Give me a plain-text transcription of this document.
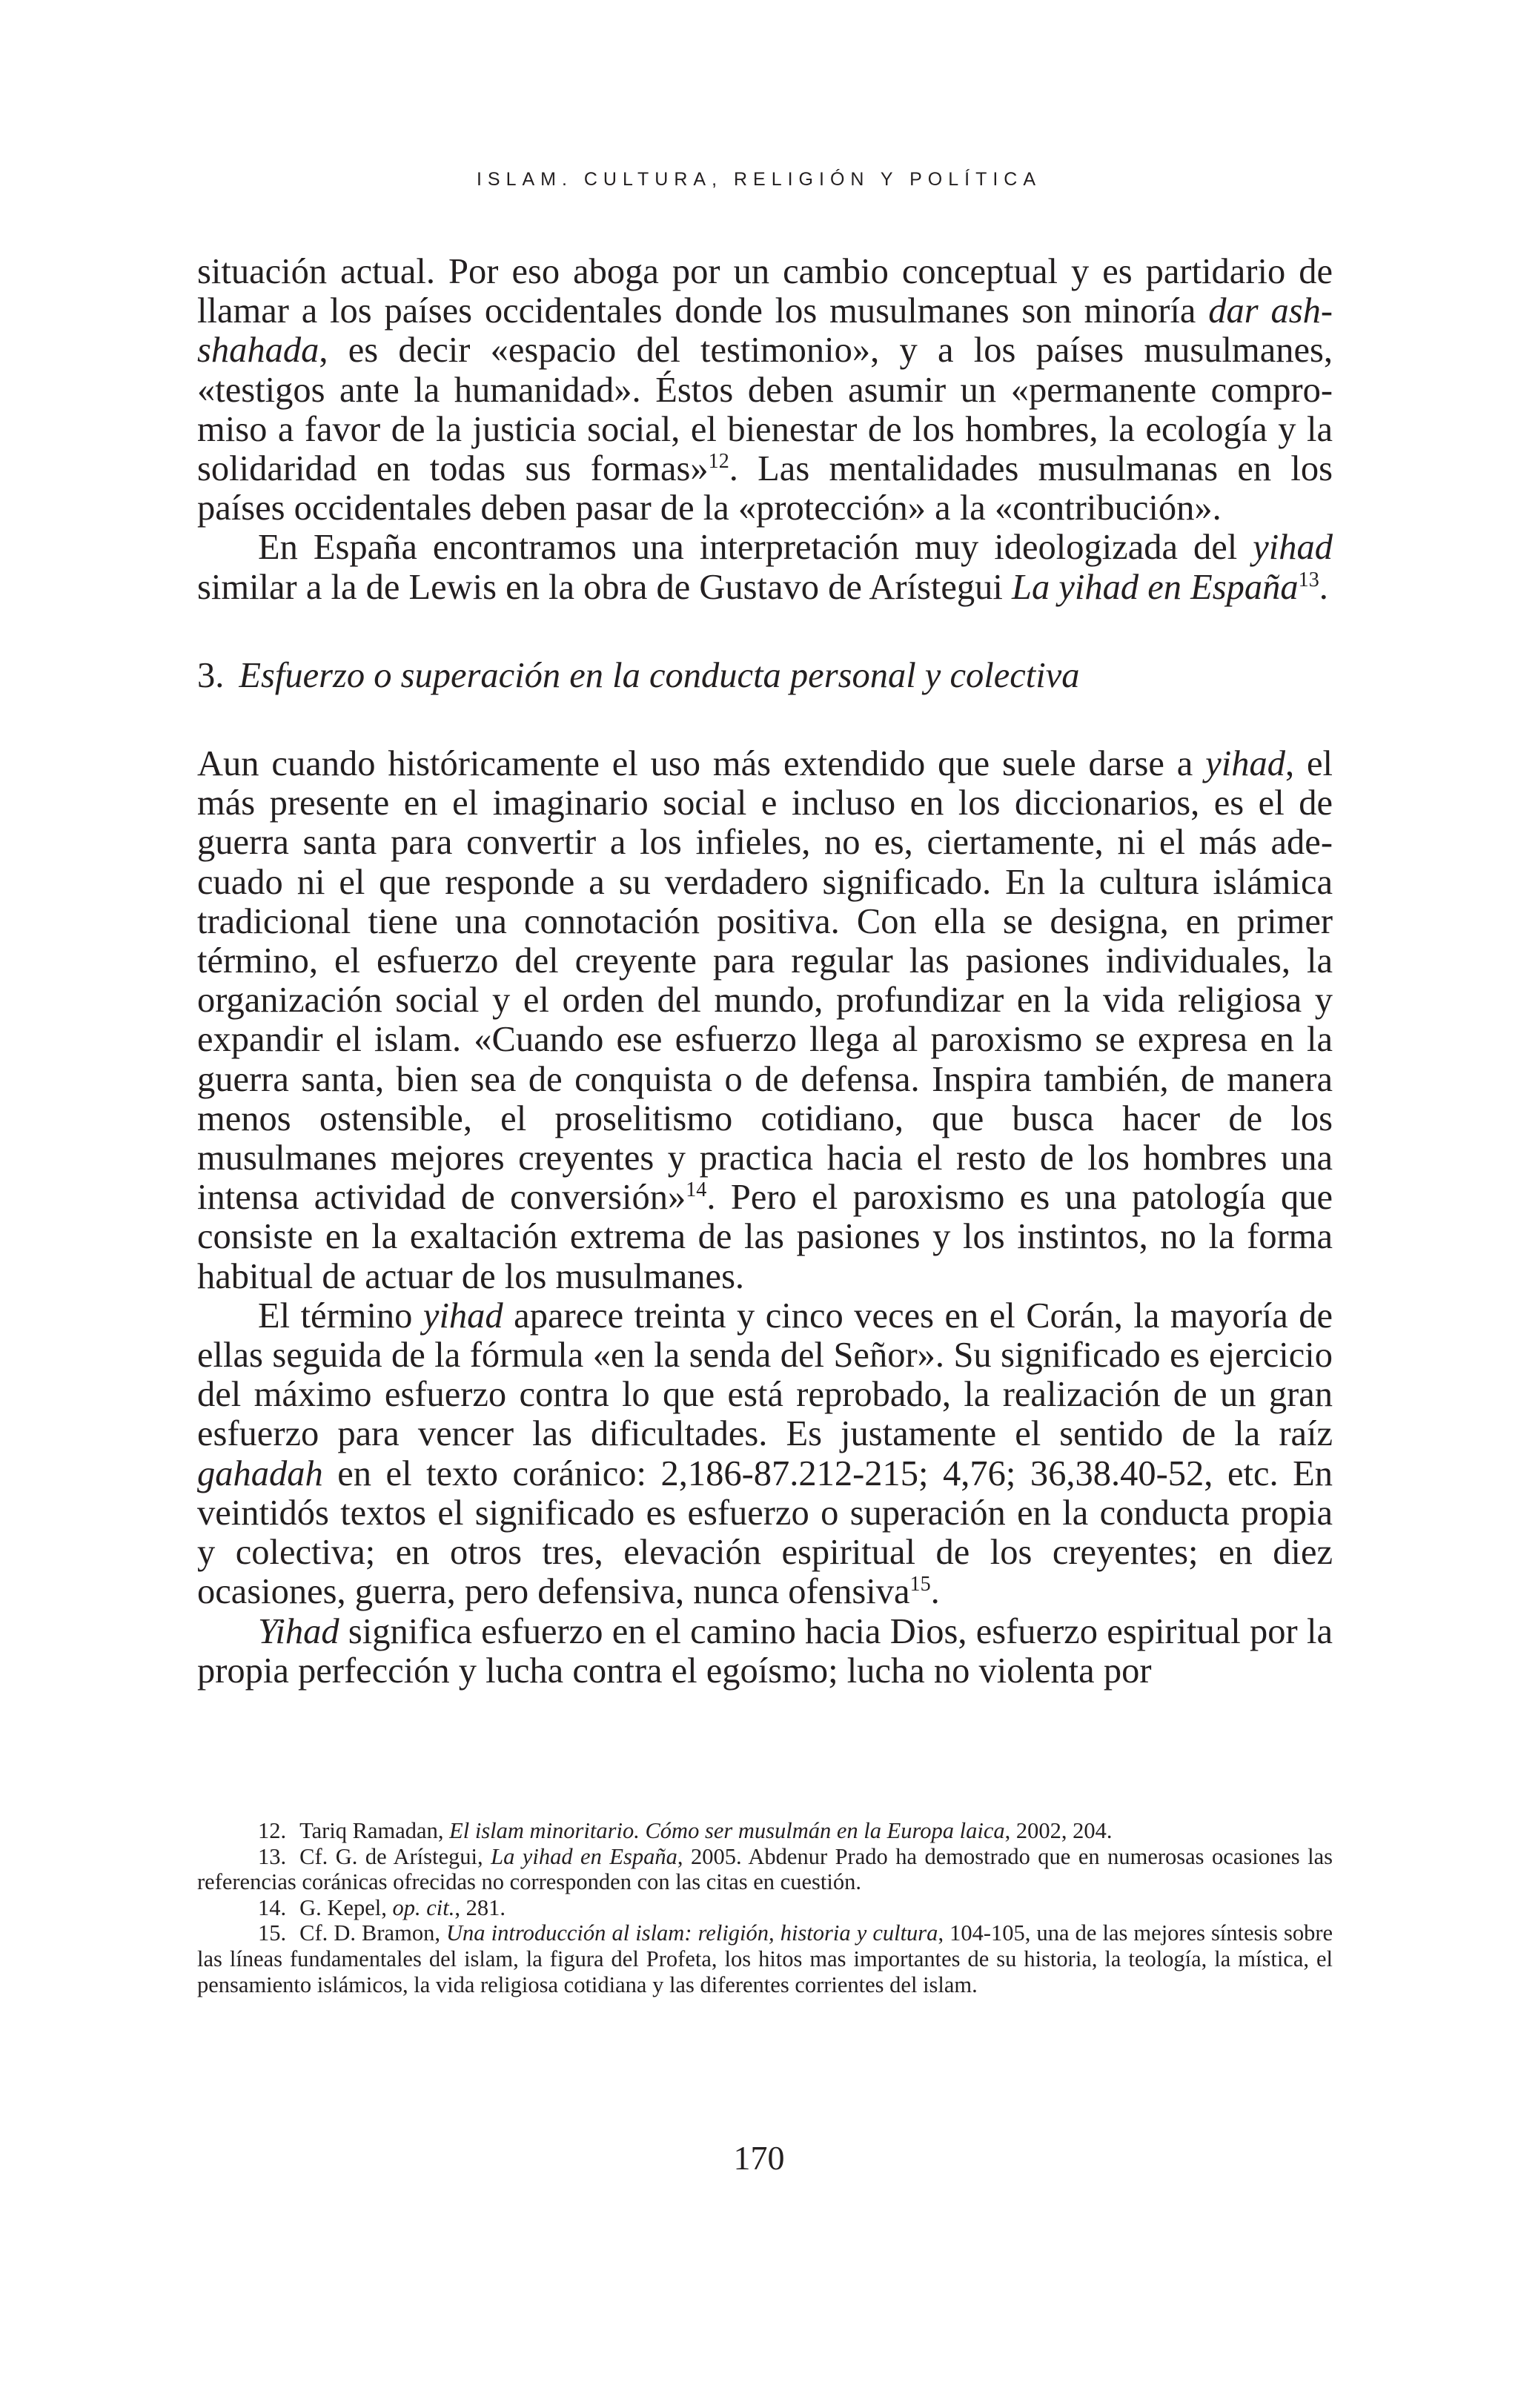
ISLAM. CULTURA, RELIGIÓN Y POLÍTICA

situación actual. Por eso aboga por un cambio conceptual y es partidario de llamar a los países occidentales donde los musulmanes son minoría dar ash-shahada, es decir «espacio del testimonio», y a los países musulmanes, «testigos ante la humanidad». Éstos deben asumir un «permanente compromiso a favor de la justicia social, el bienestar de los hombres, la ecología y la solidaridad en todas sus formas»$^{12}$. Las mentalidades musulmanas en los países occidentales deben pasar de la «protección» a la «contribución».

En España encontramos una interpretación muy ideologizada del yihad similar a la de Lewis en la obra de Gustavo de Arístegui La yihad en España$^{13}$.

3. Esfuerzo o superación en la conducta personal y colectiva

Aun cuando históricamente el uso más extendido que suele darse a yihad, el más presente en el imaginario social e incluso en los diccionarios, es el de guerra santa para convertir a los infieles, no es, ciertamente, ni el más adecuado ni el que responde a su verdadero significado. En la cultura islámica tradicional tiene una connotación positiva. Con ella se designa, en primer término, el esfuerzo del creyente para regular las pasiones individuales, la organización social y el orden del mundo, profundizar en la vida religiosa y expandir el islam. «Cuando ese esfuerzo llega al paroxismo se expresa en la guerra santa, bien sea de conquista o de defensa. Inspira también, de manera menos ostensible, el proselitismo cotidiano, que busca hacer de los musulmanes mejores creyentes y practica hacia el resto de los hombres una intensa actividad de conversión»$^{14}$. Pero el paroxismo es una patología que consiste en la exaltación extrema de las pasiones y los instintos, no la forma habitual de actuar de los musulmanes.

El término yihad aparece treinta y cinco veces en el Corán, la mayoría de ellas seguida de la fórmula «en la senda del Señor». Su significado es ejercicio del máximo esfuerzo contra lo que está reprobado, la realización de un gran esfuerzo para vencer las dificultades. Es justamente el sentido de la raíz gahadah en el texto coránico: 2,186-87.212-215; 4,76; 36,38.40-52, etc. En veintidós textos el significado es esfuerzo o superación en la conducta propia y colectiva; en otros tres, elevación espiritual de los creyentes; en diez ocasiones, guerra, pero defensiva, nunca ofensiva$^{15}$.

Yihad significa esfuerzo en el camino hacia Dios, esfuerzo espiritual por la propia perfección y lucha contra el egoísmo; lucha no violenta por

12. Tariq Ramadan, El islam minoritario. Cómo ser musulmán en la Europa laica, 2002, 204.

13. Cf. G. de Arístegui, La yihad en España, 2005. Abdenur Prado ha demostrado que en numerosas ocasiones las referencias coránicas ofrecidas no corresponden con las citas en cuestión.

14. G. Kepel, op. cit., 281.

15. Cf. D. Bramon, Una introducción al islam: religión, historia y cultura, 104-105, una de las mejores síntesis sobre las líneas fundamentales del islam, la figura del Profeta, los hitos mas importantes de su historia, la teología, la mística, el pensamiento islámicos, la vida religiosa cotidiana y las diferentes corrientes del islam.

170
